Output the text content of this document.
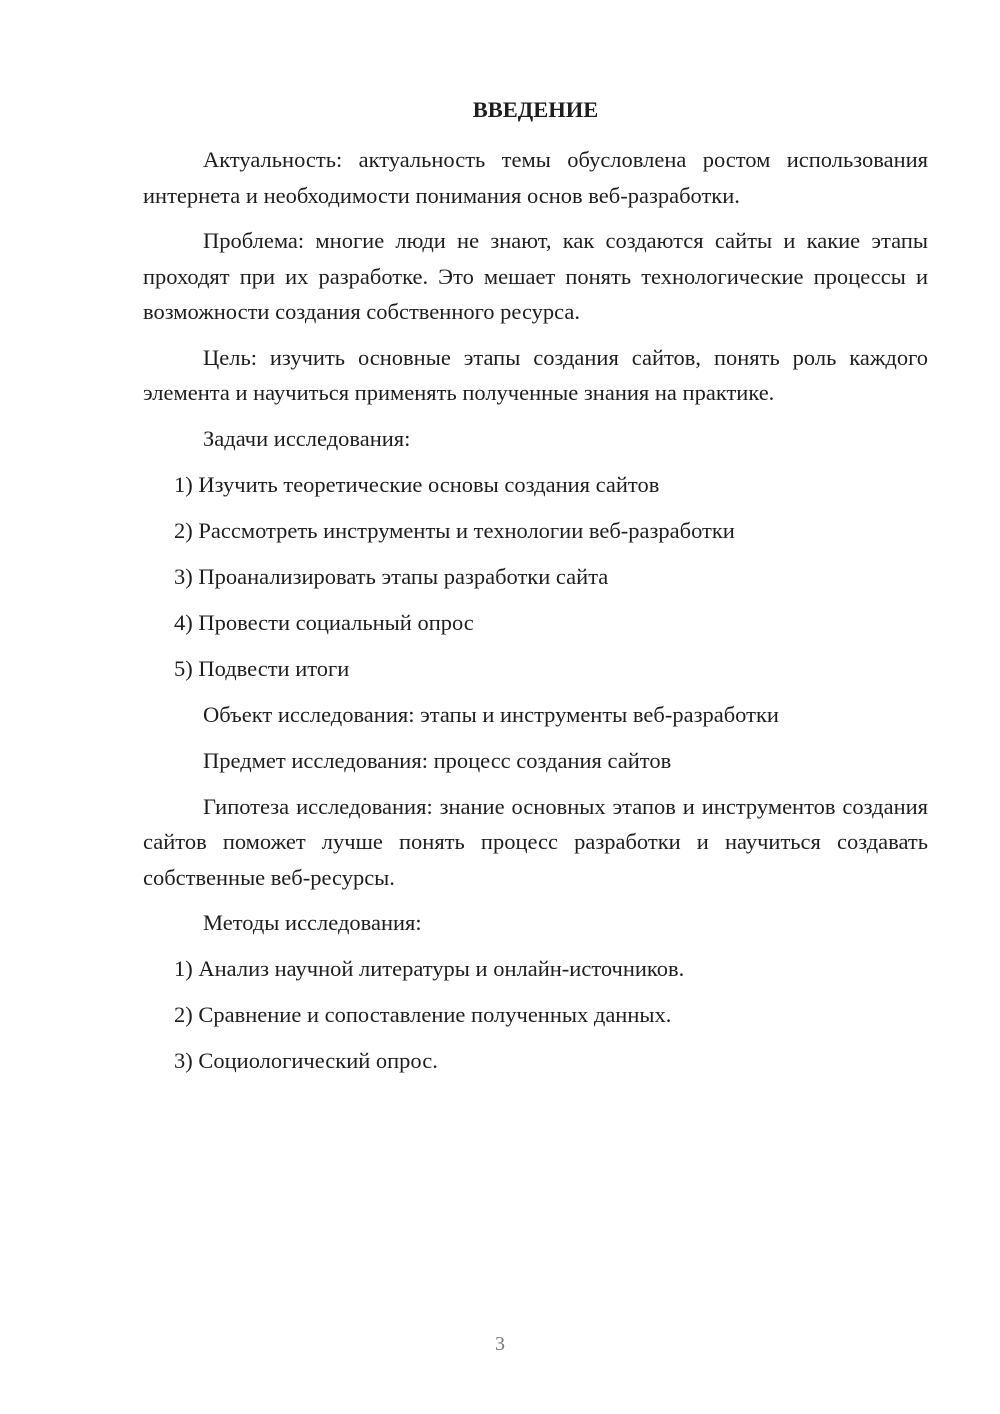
ВВЕДЕНИЕ

Актуальность: актуальность темы обусловлена ростом использования интернета и необходимости понимания основ веб-разработки.

Проблема: многие люди не знают, как создаются сайты и какие этапы проходят при их разработке. Это мешает понять технологические процессы и возможности создания собственного ресурса.

Цель: изучить основные этапы создания сайтов, понять роль каждого элемента и научиться применять полученные знания на практике.

Задачи исследования:
1) Изучить теоретические основы создания сайтов
2) Рассмотреть инструменты и технологии веб-разработки
3) Проанализировать этапы разработки сайта
4) Провести социальный опрос
5) Подвести итоги
Объект исследования: этапы и инструменты веб-разработки
Предмет исследования: процесс создания сайтов

Гипотеза исследования: знание основных этапов и инструментов создания сайтов поможет лучше понять процесс разработки и научиться создавать собственные веб-ресурсы.

Методы исследования:
1) Анализ научной литературы и онлайн-источников.
2) Сравнение и сопоставление полученных данных.
3) Социологический опрос.
3
